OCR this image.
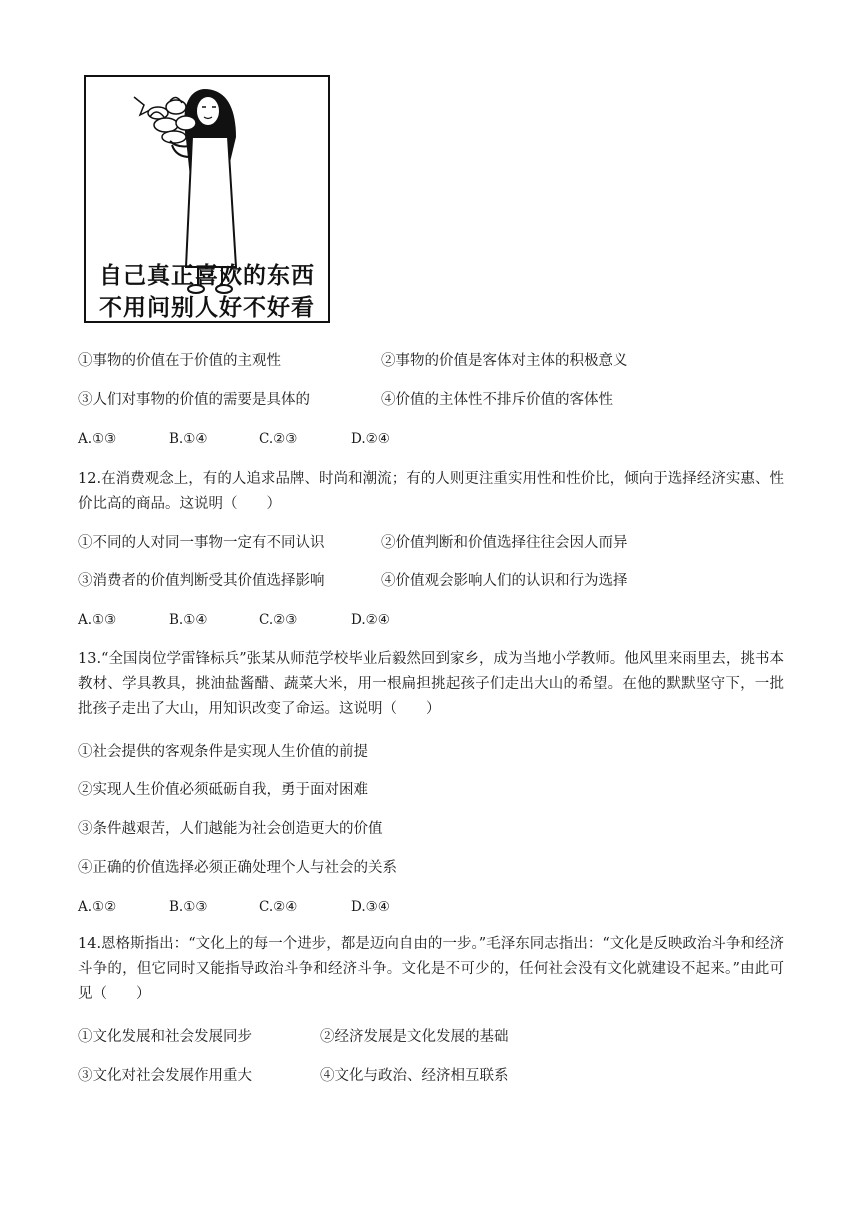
自己真正喜欢的东西
不用问别人好不好看
①事物的价值在于价值的主观性	②事物的价值是客体对主体的积极意义
③人们对事物的价值的需要是具体的	④价值的主体性不排斥价值的客体性
A.①③	B.①④	C.②③	D.②④
12.在消费观念上，有的人追求品牌、时尚和潮流；有的人则更注重实用性和性价比，倾向于选择经济实惠、性价比高的商品。这说明（　　）
①不同的人对同一事物一定有不同认识	②价值判断和价值选择往往会因人而异
③消费者的价值判断受其价值选择影响	④价值观会影响人们的认识和行为选择
A.①③	B.①④	C.②③	D.②④
13.“全国岗位学雷锋标兵”张某从师范学校毕业后毅然回到家乡，成为当地小学教师。他风里来雨里去，挑书本教材、学具教具，挑油盐酱醋、蔬菜大米，用一根扁担挑起孩子们走出大山的希望。在他的默默坚守下，一批批孩子走出了大山，用知识改变了命运。这说明（　　）
①社会提供的客观条件是实现人生价值的前提
②实现人生价值必须砥砺自我，勇于面对困难
③条件越艰苦，人们越能为社会创造更大的价值
④正确的价值选择必须正确处理个人与社会的关系
A.①②	B.①③	C.②④	D.③④
14.恩格斯指出：“文化上的每一个进步，都是迈向自由的一步。”毛泽东同志指出：“文化是反映政治斗争和经济斗争的，但它同时又能指导政治斗争和经济斗争。文化是不可少的，任何社会没有文化就建设不起来。”由此可见（　　）
①文化发展和社会发展同步	②经济发展是文化发展的基础
③文化对社会发展作用重大	④文化与政治、经济相互联系
